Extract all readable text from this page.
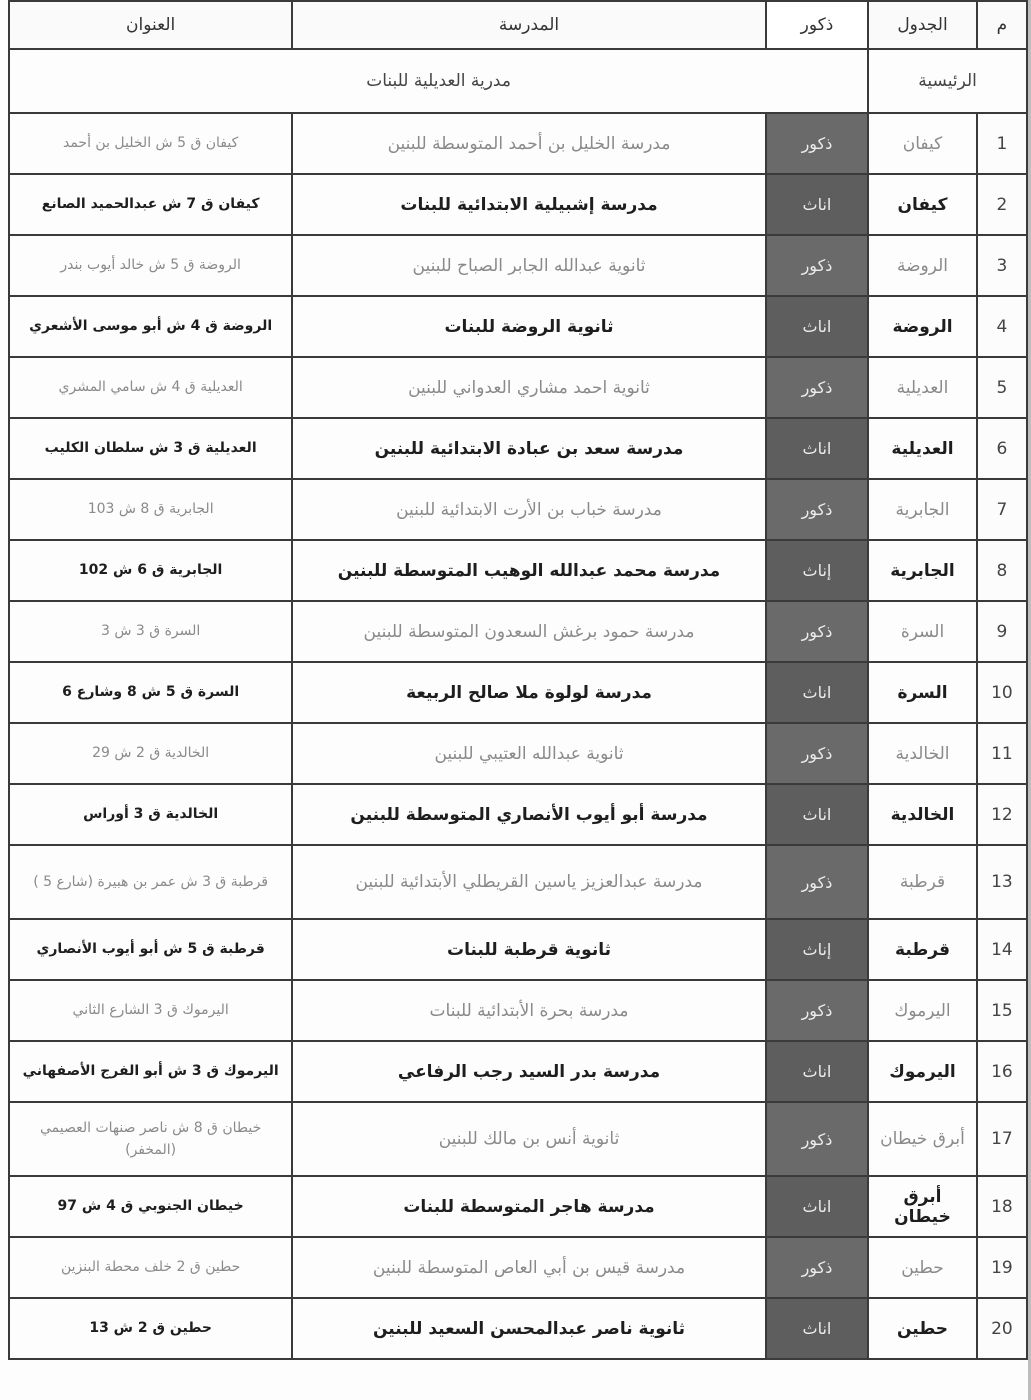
م	الجدول	ذكور	المدرسة	العنوان
الرئيسية		مدرية العديلية للبنات		
1	كيفان	ذكور	مدرسة الخليل بن أحمد المتوسطة للبنين	كيفان ق 5 ش الخليل بن أحمد
2	كيفان	اناث	مدرسة إشبيلية الابتدائية للبنات	كيفان ق 7 ش عبدالحميد الصانع
3	الروضة	ذكور	ثانوية عبدالله الجابر الصباح للبنين	الروضة ق 5 ش خالد أيوب بندر
4	الروضة	اناث	ثانوية الروضة للبنات	الروضة ق 4 ش أبو موسى الأشعري
5	العديلية	ذكور	ثانوية احمد مشاري العدواني للبنين	العديلية ق 4 ش سامي المشري
6	العديلية	اناث	مدرسة سعد بن عبادة الابتدائية للبنين	العديلية ق 3 ش سلطان الكليب
7	الجابرية	ذكور	مدرسة خباب بن الأرت الابتدائية للبنين	الجابرية ق 8 ش 103
8	الجابرية	إناث	مدرسة محمد عبدالله الوهيب المتوسطة للبنين	الجابرية ق 6 ش 102
9	السرة	ذكور	مدرسة حمود برغش السعدون المتوسطة للبنين	السرة ق 3 ش 3
10	السرة	اناث	مدرسة لولوة ملا صالح الربيعة	السرة ق 5 ش 8 وشارع 6
11	الخالدية	ذكور	ثانوية عبدالله العتيبي للبنين	الخالدية ق 2 ش 29
12	الخالدية	اناث	مدرسة أبو أيوب الأنصاري المتوسطة للبنين	الخالدية ق 3 أوراس
13	قرطبة	ذكور	مدرسة عبدالعزيز ياسين القريطلي الأبتدائية للبنين	قرطبة ق 3 ش عمر بن هبيرة (شارع 5 )
14	قرطبة	إناث	ثانوية قرطبة للبنات	قرطبة ق 5 ش أبو أيوب الأنصاري
15	اليرموك	ذكور	مدرسة بحرة الأبتدائية للبنات	اليرموك ق 3 الشارع الثاني
16	اليرموك	اناث	مدرسة بدر السيد رجب الرفاعي	اليرموك ق 3 ش أبو الفرج الأصفهاني
17	أبرق خيطان	ذكور	ثانوية أنس بن مالك للبنين	خيطان ق 8 ش ناصر صنهات العصيمي (المخفر)
18	أبرق خيطان	اناث	مدرسة هاجر المتوسطة للبنات	خيطان الجنوبي ق 4 ش 97
19	حطين	ذكور	مدرسة قيس بن أبي العاص المتوسطة للبنين	حطين ق 2 خلف محطة البنزين
20	حطين	اناث	ثانوية ناصر عبدالمحسن السعيد للبنين	حطين ق 2 ش 13
